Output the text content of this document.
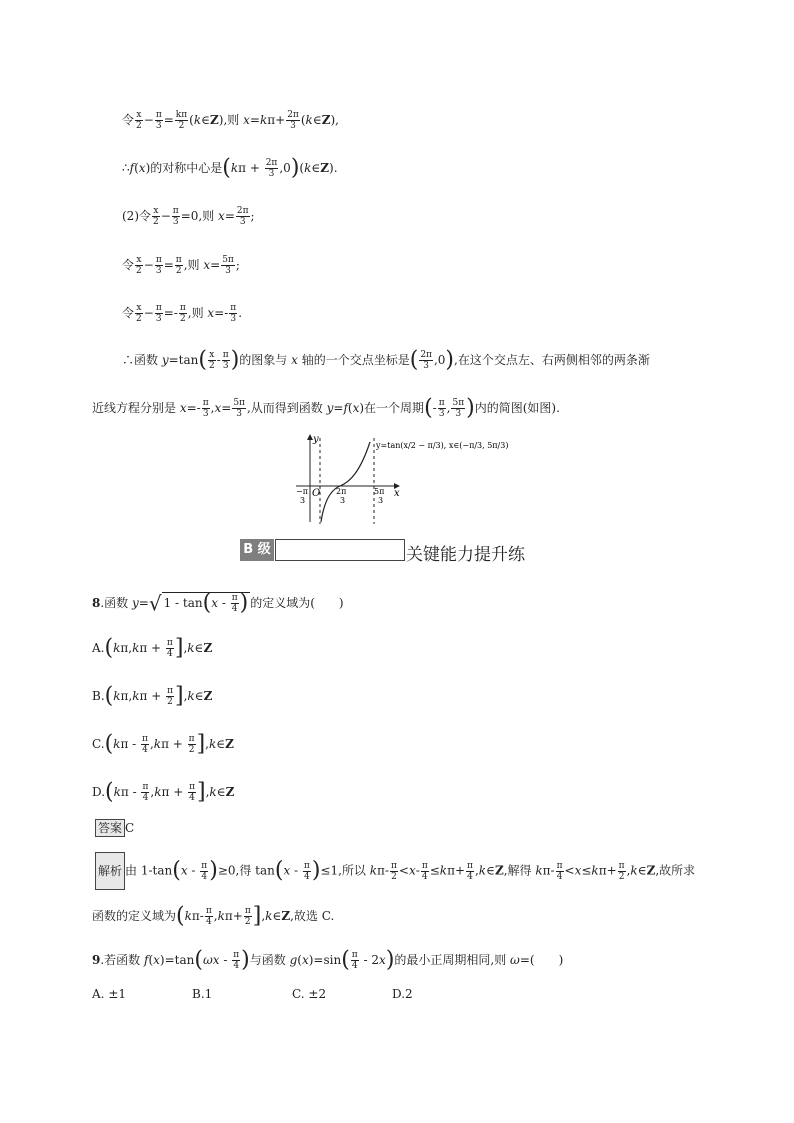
令 $\frac{x}{2} - \frac{\pi}{3} = \frac{k\pi}{2}$ (k∈Z),则 $x=k\pi+ \frac{2\pi}{3}$ (k∈Z),
∴f(x)的对称中心是($k\pi + \frac{2\pi}{3}$ ,0)(k∈Z).
(2)令 $\frac{x}{2} - \frac{\pi}{3} =0$,则 $x= \frac{2\pi}{3}$ ;
令 $\frac{x}{2} - \frac{\pi}{3} = \frac{\pi}{2}$ ,则 $x= \frac{5\pi}{3}$ ;
令 $\frac{x}{2} - \frac{\pi}{3} =- \frac{\pi}{2}$ ,则 $x=- \frac{\pi}{3}$ .
∴函数 $y=\tan( \frac{x}{2} - \frac{\pi}{3}$ )的图象与 x 轴的一个交点坐标是( $\frac{2\pi}{3} ,0$),在这个交点左、右两侧相邻的两条渐
近线方程分别是 $x=- \frac{\pi}{3} ,x= \frac{5\pi}{3}$ ,从而得到函数 y=f(x)在一个周期(- $\frac{\pi}{3}$ , $\frac{5\pi}{3}$ )内的简图(如图).
y
x
O
−π
3
2π
3
5π
3
y=tan(x/2 − π/3), x∈(−π/3, 5π/3)
B 级	关键能力提升练
8.函数 y=√ $1 - \tan(x - \frac{\pi}{4}$ ) 的定义域为(　　)
$A.(k\pi,k\pi + \frac{\pi}{4}$ ],k∈Z
$B.(k\pi,k\pi + \frac{\pi}{2}$ ],k∈Z
$C.(k\pi - \frac{\pi}{4} ,k\pi + \frac{\pi}{2}$ ],k∈Z
$D.(k\pi - \frac{\pi}{4} ,k\pi + \frac{\pi}{4}$ ],k∈Z
答案 C
解析 由 $1-\tan(x - \frac{\pi}{4} )\ge 0$,得 $\tan(x - \frac{\pi}{4} )\le 1$,所以 $k\pi- \frac{\pi}{2} <x- \frac{\pi}{4} \le k\pi+ \frac{\pi}{4}$ ,k∈Z,解得 $k\pi- \frac{\pi}{4} <x\le k\pi+ \frac{\pi}{2}$ ,k∈Z,故所求
函数的定义域为($k\pi- \frac{\pi}{4} ,k\pi+ \frac{\pi}{2}$ ],k∈Z,故选 C.
9.若函数 $f(x)=\tan(\omega x - \frac{\pi}{4}$ )与函数 $g(x)=\sin( \frac{\pi}{4} - 2x)$的最小正周期相同,则 ω=(　　)
A. ±1	B.1	C. ±2	D.2
